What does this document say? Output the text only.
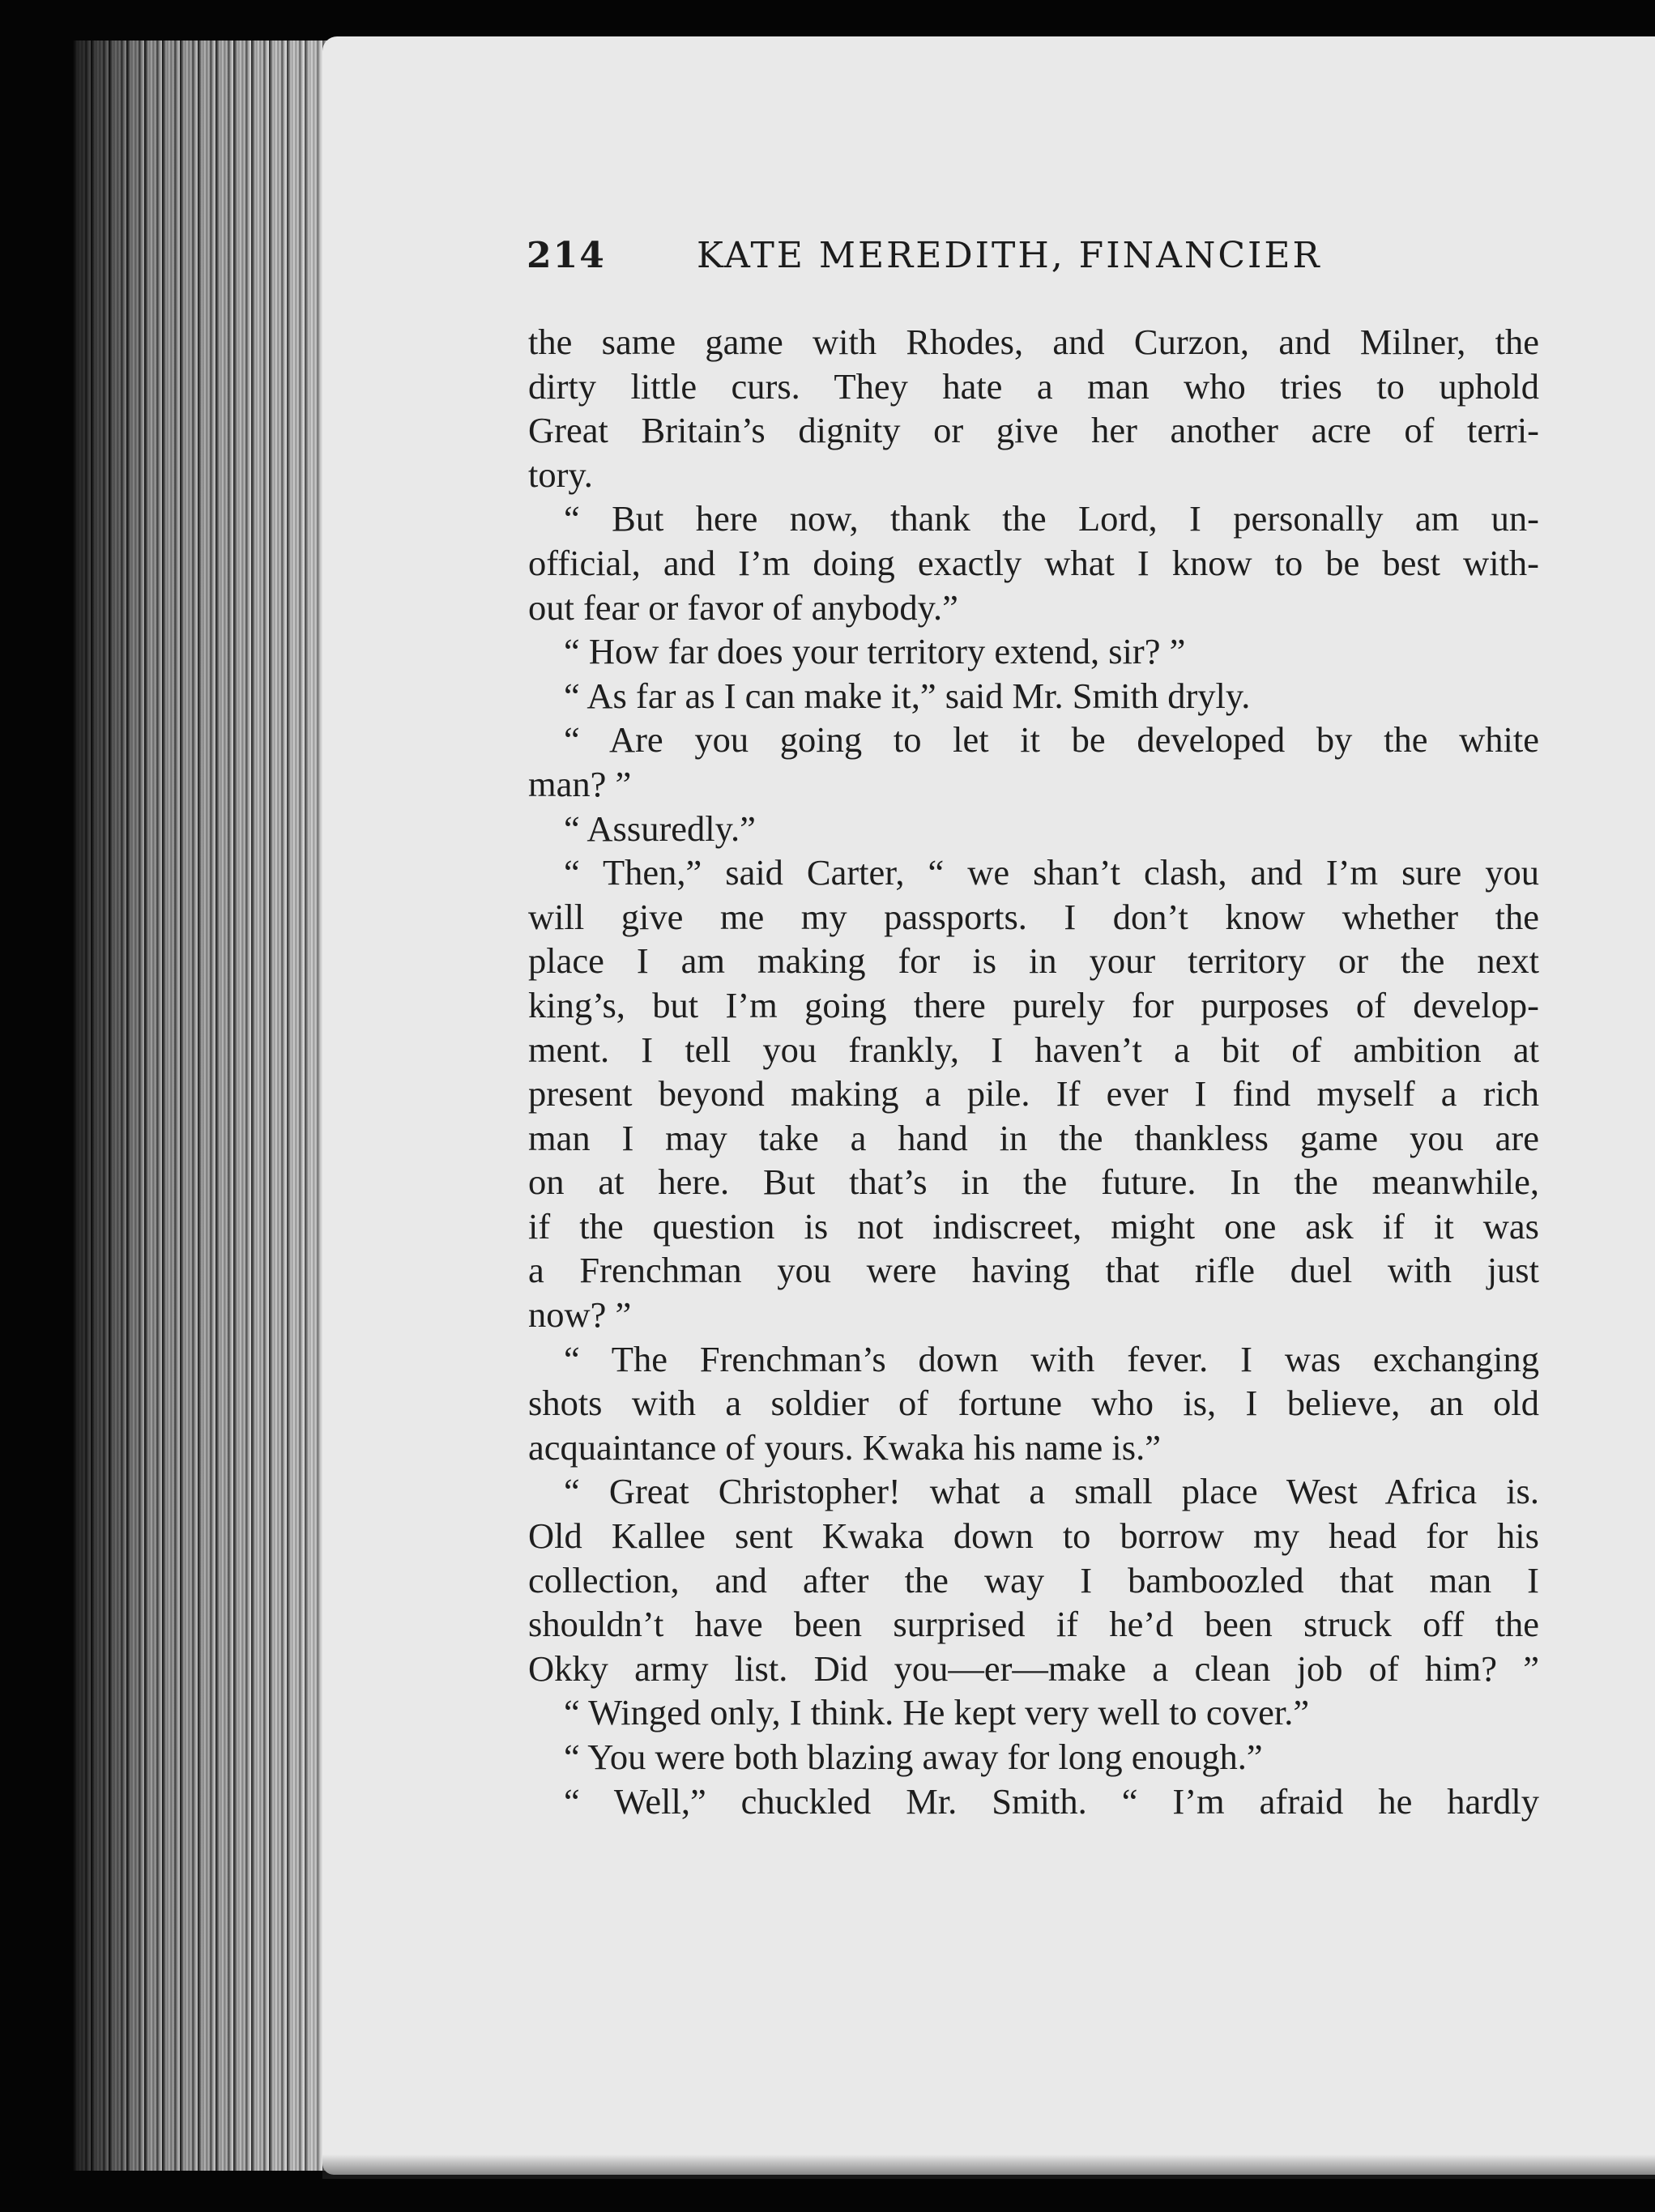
214	KATE MEREDITH, FINANCIER
the same game with Rhodes, and Curzon, and Milner, the
dirty little curs. They hate a man who tries to uphold
Great Britain’s dignity or give her another acre of terri-
tory.
“ But here now, thank the Lord, I personally am un-
official, and I’m doing exactly what I know to be best with-
out fear or favor of anybody.”
“ How far does your territory extend, sir? ”
“ As far as I can make it,” said Mr. Smith dryly.
“ Are you going to let it be developed by the white
man? ”
“ Assuredly.”
“ Then,” said Carter, “ we shan’t clash, and I’m sure you
will give me my passports. I don’t know whether the
place I am making for is in your territory or the next
king’s, but I’m going there purely for purposes of develop-
ment. I tell you frankly, I haven’t a bit of ambition at
present beyond making a pile. If ever I find myself a rich
man I may take a hand in the thankless game you are
on at here. But that’s in the future. In the meanwhile,
if the question is not indiscreet, might one ask if it was
a Frenchman you were having that rifle duel with just
now? ”
“ The Frenchman’s down with fever. I was exchanging
shots with a soldier of fortune who is, I believe, an old
acquaintance of yours. Kwaka his name is.”
“ Great Christopher! what a small place West Africa is.
Old Kallee sent Kwaka down to borrow my head for his
collection, and after the way I bamboozled that man I
shouldn’t have been surprised if he’d been struck off the
Okky army list. Did you—er—make a clean job of him? ”
“ Winged only, I think. He kept very well to cover.”
“ You were both blazing away for long enough.”
“ Well,” chuckled Mr. Smith. “ I’m afraid he hardly
